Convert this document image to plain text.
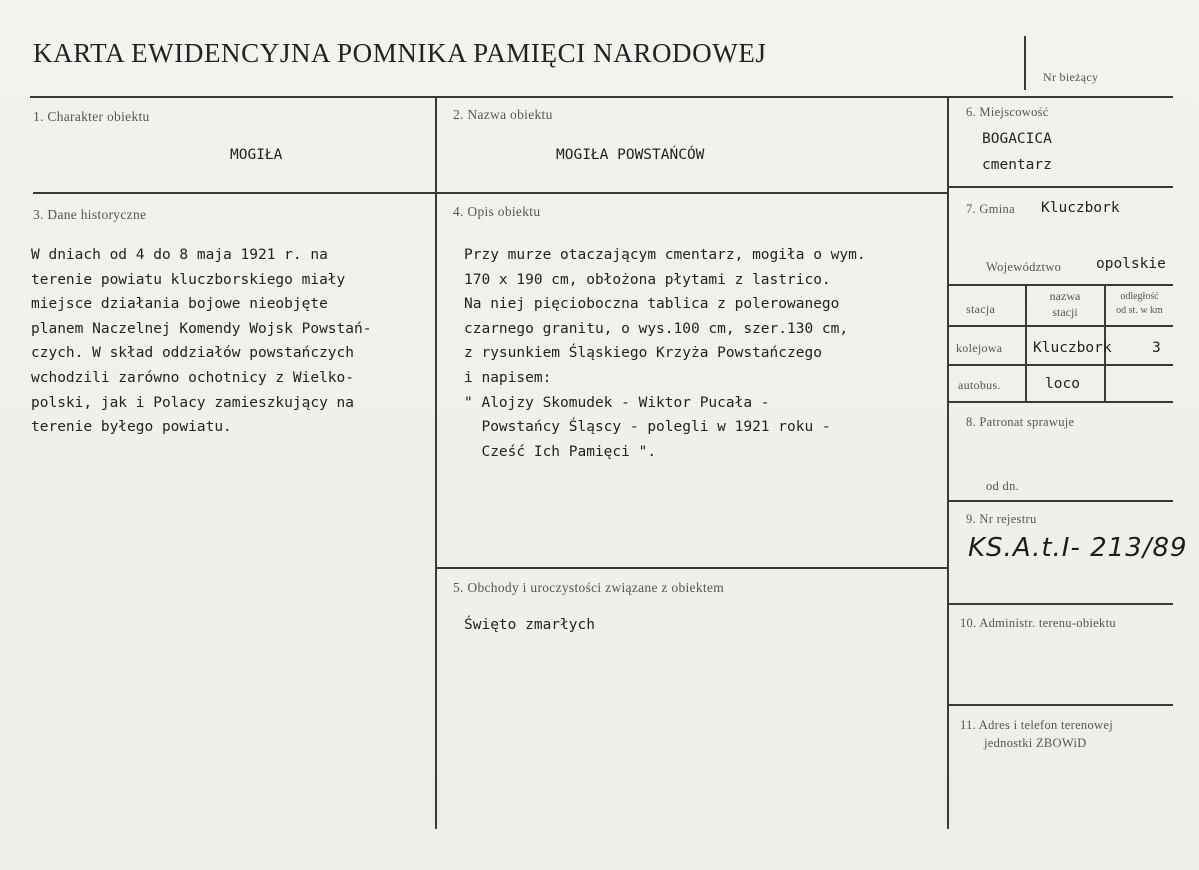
KARTA EWIDENCYJNA POMNIKA PAMIĘCI NARODOWEJ
Nr bieżący
1. Charakter obiektu
MOGIŁA
2. Nazwa obiektu
MOGIŁA POWSTAŃCÓW
3. Dane historyczne
W dniach od 4 do 8 maja 1921 r. na
terenie powiatu kluczborskiego miały
miejsce działania bojowe nieobjęte
planem Naczelnej Komendy Wojsk Powstań-
czych. W skład oddziałów powstańczych
wchodzili zarówno ochotnicy z Wielko-
polski, jak i Polacy zamieszkujący na
terenie byłego powiatu.
4. Opis obiektu
Przy murze otaczającym cmentarz, mogiła o wym.
170 x 190 cm, obłożona płytami z lastrico.
Na niej pięcioboczna tablica z polerowanego
czarnego granitu, o wys.100 cm, szer.130 cm,
z rysunkiem Śląskiego Krzyża Powstańczego
i napisem:
" Alojzy Skomudek - Wiktor Pucała -
Powstańcy Śląscy - polegli w 1921 roku -
Cześć Ich Pamięci ".
5. Obchody i uroczystości związane z obiektem
Święto zmarłych
6. Miejscowość
BOGACICA
cmentarz
7. Gmina Kluczbork
Województwo opolskie
stacja
nazwa
stacji
odległość
od st. w km
kolejowa Kluczbork	3
autobus.	loco
8. Patronat sprawuje
od dn.
9. Nr rejestru
KS.A.t.I- 213/89
10. Administr. terenu-obiektu
11. Adres i telefon terenowej
jednostki ZBOWiD
